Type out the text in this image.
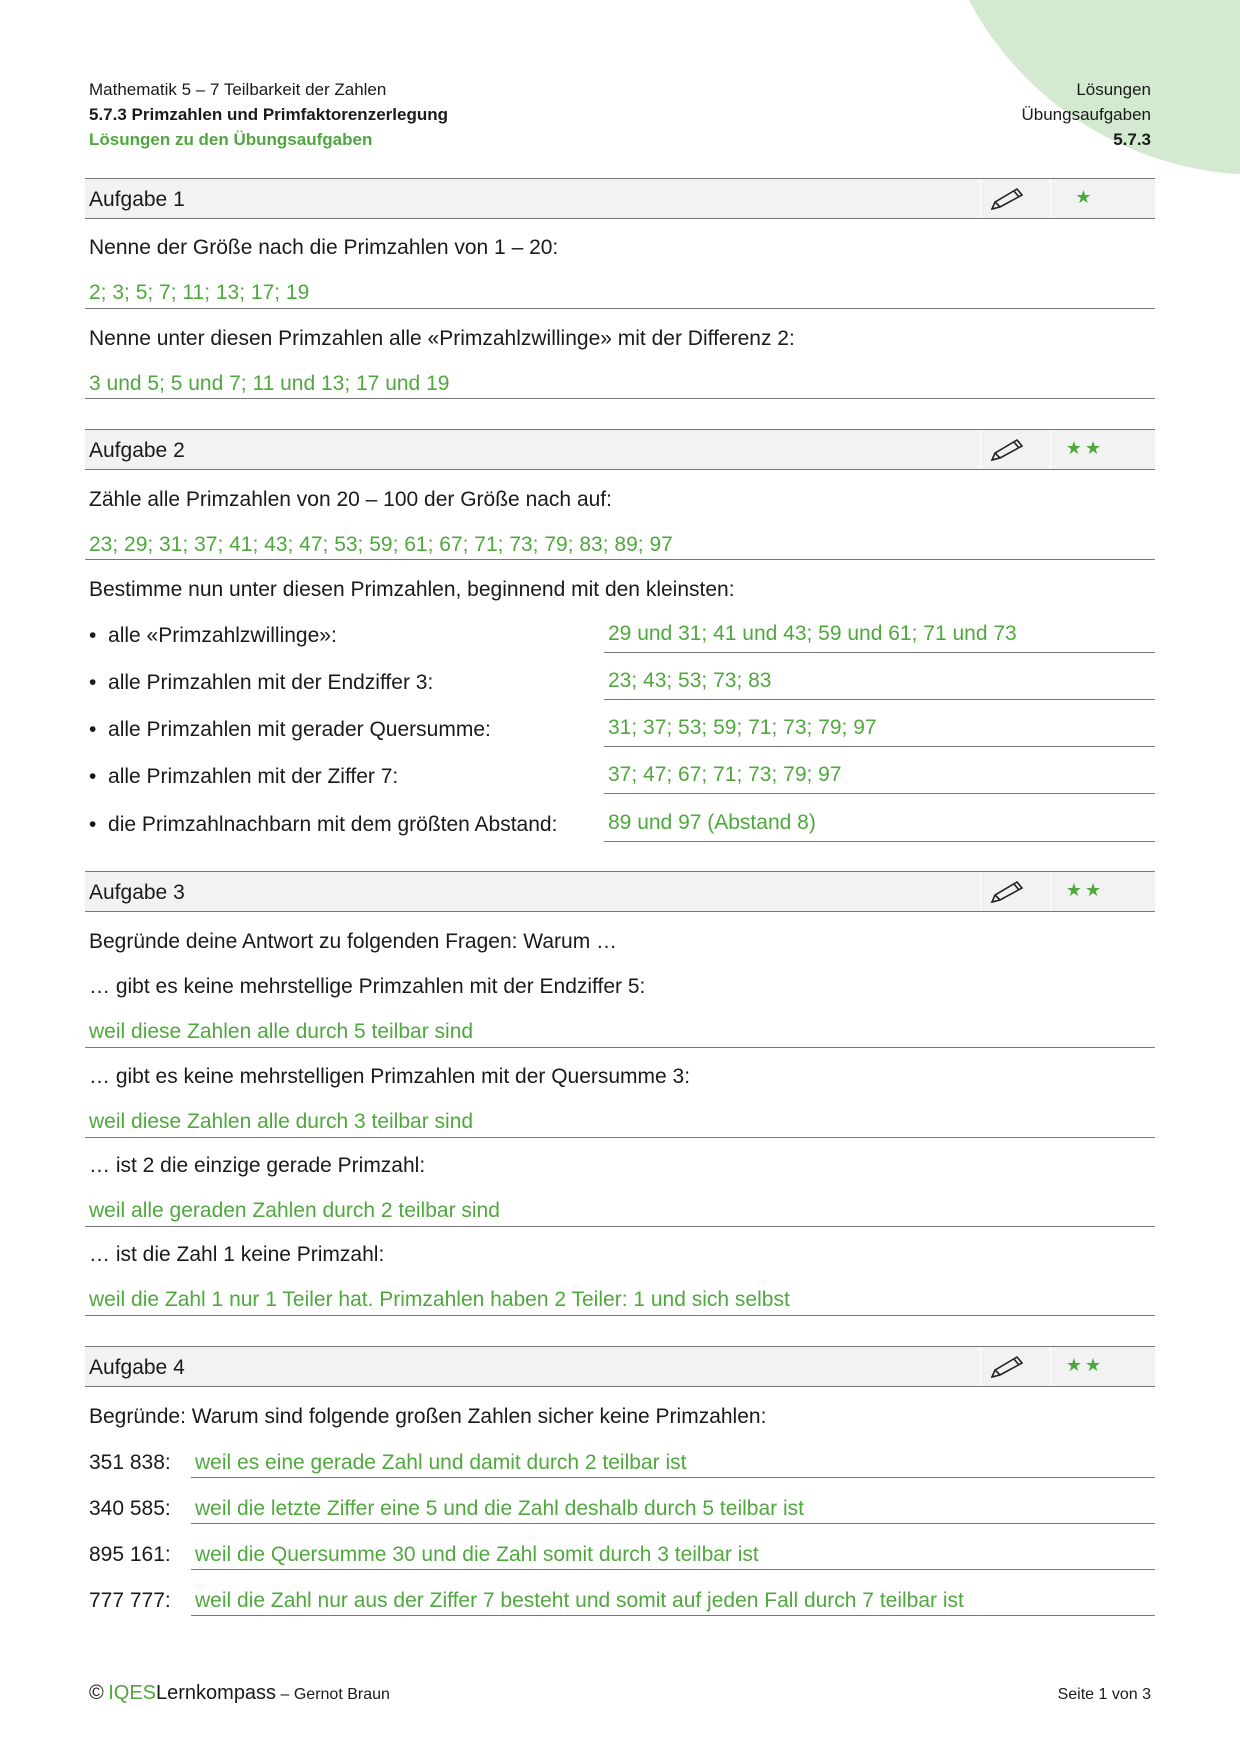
Mathematik 5 – 7 Teilbarkeit der Zahlen
5.7.3 Primzahlen und Primfaktorenzerlegung
Lösungen zu den Übungsaufgaben
Lösungen
Übungsaufgaben
5.7.3
Aufgabe 1	★
Nenne der Größe nach die Primzahlen von 1 – 20:
2; 3; 5; 7; 11; 13; 17; 19
Nenne unter diesen Primzahlen alle «Primzahlzwillinge» mit der Differenz 2:
3 und 5; 5 und 7; 11 und 13; 17 und 19
Aufgabe 2	★★
Zähle alle Primzahlen von 20 – 100 der Größe nach auf:
23; 29; 31; 37; 41; 43; 47; 53; 59; 61; 67; 71; 73; 79; 83; 89; 97
Bestimme nun unter diesen Primzahlen, beginnend mit den kleinsten:
•  alle «Primzahlzwillinge»:	29 und 31; 41 und 43; 59 und 61; 71 und 73
•  alle Primzahlen mit der Endziffer 3:	23; 43; 53; 73; 83
•  alle Primzahlen mit gerader Quersumme:	31; 37; 53; 59; 71; 73; 79; 97
•  alle Primzahlen mit der Ziffer 7:	37; 47; 67; 71; 73; 79; 97
•  die Primzahlnachbarn mit dem größten Abstand: 89 und 97 (Abstand 8)
Aufgabe 3	★★
Begründe deine Antwort zu folgenden Fragen: Warum …
… gibt es keine mehrstellige Primzahlen mit der Endziffer 5:
weil diese Zahlen alle durch 5 teilbar sind
… gibt es keine mehrstelligen Primzahlen mit der Quersumme 3:
weil diese Zahlen alle durch 3 teilbar sind
… ist 2 die einzige gerade Primzahl:
weil alle geraden Zahlen durch 2 teilbar sind
… ist die Zahl 1 keine Primzahl:
weil die Zahl 1 nur 1 Teiler hat. Primzahlen haben 2 Teiler: 1 und sich selbst
Aufgabe 4	★★
Begründe: Warum sind folgende großen Zahlen sicher keine Primzahlen:
351 838: weil es eine gerade Zahl und damit durch 2 teilbar ist
340 585: weil die letzte Ziffer eine 5 und die Zahl deshalb durch 5 teilbar ist
895 161: weil die Quersumme 30 und die Zahl somit durch 3 teilbar ist
777 777: weil die Zahl nur aus der Ziffer 7 besteht und somit auf jeden Fall durch 7 teilbar ist
© IQESLernkompass – Gernot Braun	Seite 1 von 3
